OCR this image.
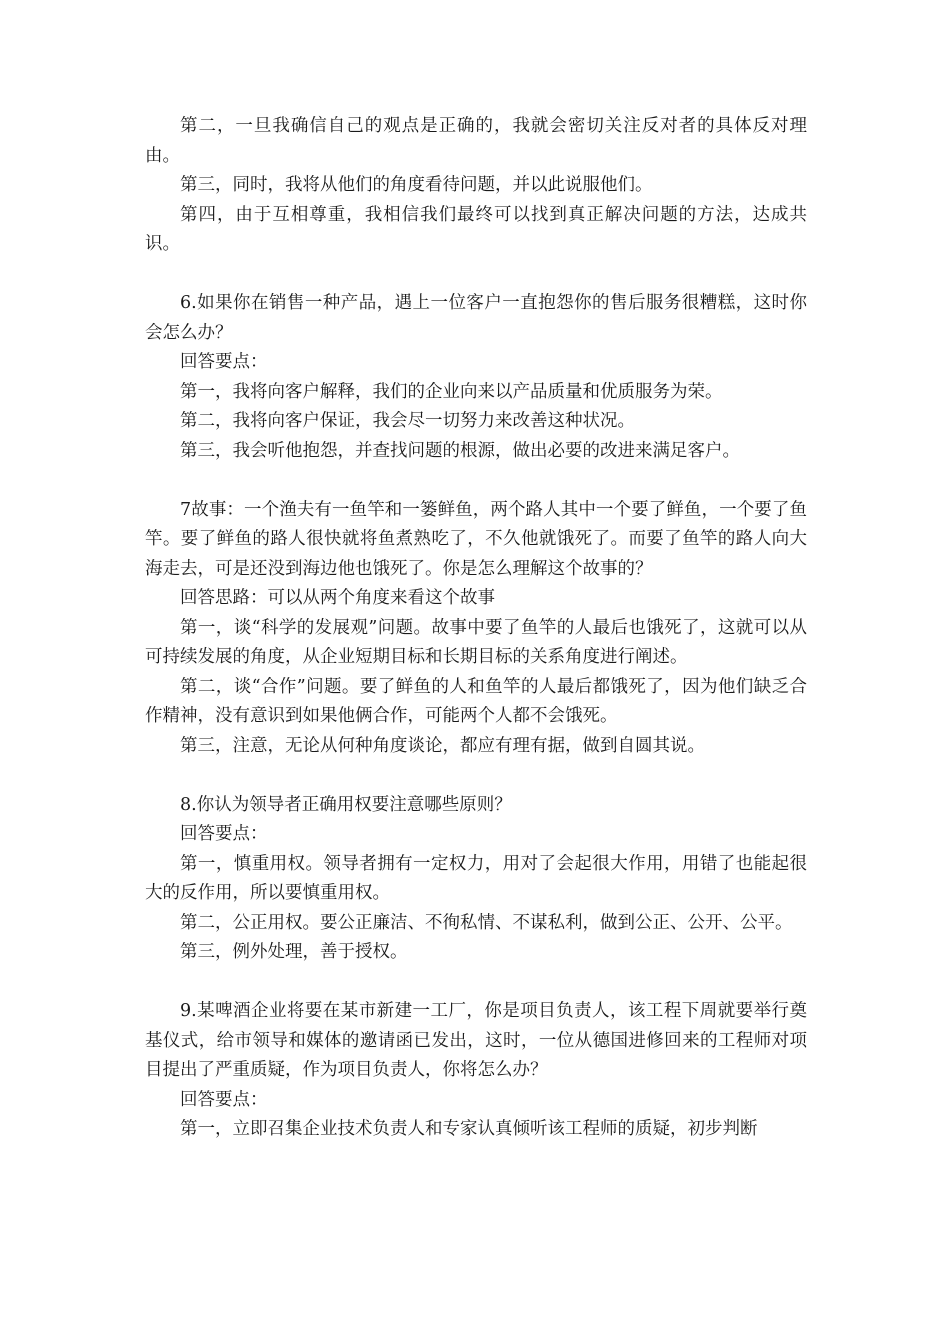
第二，一旦我确信自己的观点是正确的，我就会密切关注反对者的具体反对理由。

第三，同时，我将从他们的角度看待问题，并以此说服他们。

第四，由于互相尊重，我相信我们最终可以找到真正解决问题的方法，达成共识。

6.如果你在销售一种产品，遇上一位客户一直抱怨你的售后服务很糟糕，这时你会怎么办？

回答要点：

第一，我将向客户解释，我们的企业向来以产品质量和优质服务为荣。

第二，我将向客户保证，我会尽一切努力来改善这种状况。

第三，我会听他抱怨，并查找问题的根源，做出必要的改进来满足客户。

7故事：一个渔夫有一鱼竿和一篓鲜鱼，两个路人其中一个要了鲜鱼，一个要了鱼竿。要了鲜鱼的路人很快就将鱼煮熟吃了，不久他就饿死了。而要了鱼竿的路人向大海走去，可是还没到海边他也饿死了。你是怎么理解这个故事的？

回答思路：可以从两个角度来看这个故事

第一，谈“科学的发展观”问题。故事中要了鱼竿的人最后也饿死了，这就可以从可持续发展的角度，从企业短期目标和长期目标的关系角度进行阐述。

第二，谈“合作”问题。要了鲜鱼的人和鱼竿的人最后都饿死了，因为他们缺乏合作精神，没有意识到如果他俩合作，可能两个人都不会饿死。

第三，注意，无论从何种角度谈论，都应有理有据，做到自圆其说。

8.你认为领导者正确用权要注意哪些原则？

回答要点：

第一，慎重用权。领导者拥有一定权力，用对了会起很大作用，用错了也能起很大的反作用，所以要慎重用权。

第二，公正用权。要公正廉洁、不徇私情、不谋私利，做到公正、公开、公平。

第三，例外处理，善于授权。

9.某啤酒企业将要在某市新建一工厂，你是项目负责人，该工程下周就要举行奠基仪式，给市领导和媒体的邀请函已发出，这时，一位从德国进修回来的工程师对项目提出了严重质疑，作为项目负责人，你将怎么办？

回答要点：

第一，立即召集企业技术负责人和专家认真倾听该工程师的质疑，初步判断
